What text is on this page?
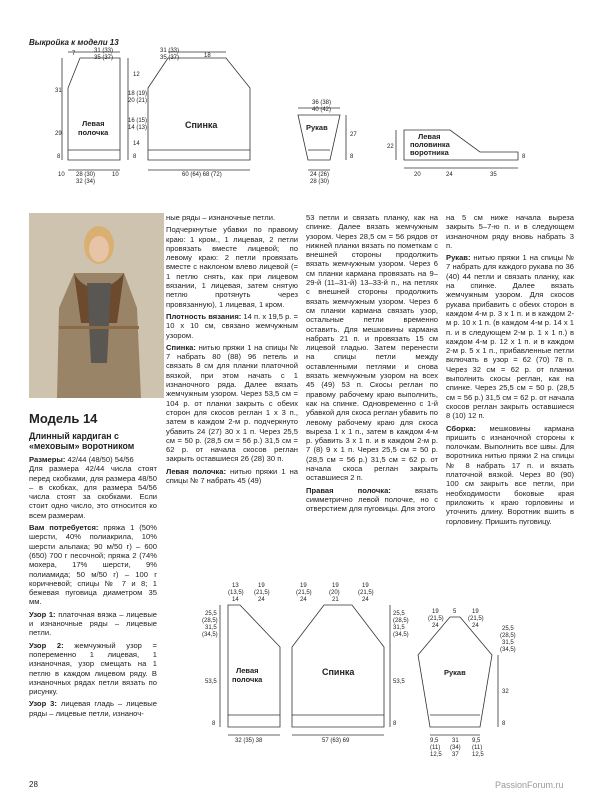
Выкройка к модели 13
7	31 (33)
35 (37)
31
29
8
12
18 (19)
20 (21)
16 (15)
14 (13)
14
8
28 (30)
32 (34)
10	10
31 (33)
35 (37)	18
60 (64) 68 (72)
36 (38)
40 (42)
27
8
24 (26)
28 (30)
22
8
20	24	35
Левая
полочка
Спинка	Рукав
Левая
половинка
воротника
Модель 14
Длинный кардиган с «меховым» воротником

Размеры: 42/44 (48/50) 54/56
Для размера 42/44 числа стоят перед скобками, для размера 48/50 – в скобках, для размера 54/56 числа стоят за скобками. Если стоит одно число, это относится ко всем размерам.

Вам потребуется: пряжа 1 (50% шерсти, 40% полиакрила, 10% шерсти альпака; 90 м/50 г) – 600 (650) 700 г песочной; пряжа 2 (74% мохера, 17% шерсти, 9% полиамида; 50 м/50 г) – 100 г коричневой; спицы № 7 и 8; 1 бежевая пуговица диаметром 35 мм.

Узор 1: платочная вязка – лицевые и изнаночные ряды – лицевые петли.

Узор 2: жемчужный узор = попеременно 1 лицевая, 1 изнаночная, узор смещать на 1 петлю в каждом лицевом ряду. В изнаночных рядах петли вязать по рисунку.

Узор 3: лицевая гладь – лицевые ряды – лицевые петли, изнаноч-

ные ряды – изнаночные петли.

Подчеркнутые убавки по правому краю: 1 кром., 1 лицевая, 2 петли провязать вместе лицевой; по левому краю: 2 петли провязать вместе с наклоном влево лицевой (= 1 петлю снять, как при лицевом вязании, 1 лицевая, затем снятую петлю протянуть через провязанную), 1 лицевая, 1 кром.

Плотность вязания: 14 п. х 19,5 р. = 10 х 10 см, связано жемчужным узором.

Спинка: нитью пряжи 1 на спицы № 7 набрать 80 (88) 96 петель и связать 8 см для планки платочной вязкой, при этом начать с 1 изнаночного ряда. Далее вязать жемчужным узором. Через 53,5 см = 104 р. от планки закрыть с обеих сторон для скосов реглан 1 х 3 п., затем в каждом 2-м р. подчеркнуто убавить 24 (27) 30 х 1 п. Через 25,5 см = 50 р. (28,5 см = 56 р.) 31,5 см = 62 р. от начала скосов реглан закрыть оставшиеся 26 (28) 30 п.

Левая полочка: нитью пряжи 1 на спицы № 7 набрать 45 (49)

53 петли и связать планку, как на спинке. Далее вязать жемчужным узором. Через 28,5 см = 56 рядов от нижней планки вязать по пометкам с внешней стороны продолжить вязать жемчужным узором. Через 6 см планки кармана провязать на 9–29-й (11–31-й) 13–33-й п., на петлях с внешней стороны продолжить вязать жемчужным узором. Через 6 см планки кармана связать узор, остальные петли временно оставить. Для мешковины кармана набрать 21 п. и провязать 15 см лицевой гладью. Затем перенести на спицы петли между оставленными петлями и снова вязать жемчужным узором на всех 45 (49) 53 п. Скосы реглан по правому рабочему краю выполнить, как на спинке. Одновременно с 1-й убавкой для скоса реглан убавить по левому рабочему краю для скоса выреза 1 х 1 п., затем в каждом 4-м р. убавить 3 х 1 п. и в каждом 2-м р. 7 (8) 9 х 1 п. Через 25,5 см = 50 р. (28,5 см = 56 р.) 31,5 см = 62 р. от начала скоса реглан закрыть оставшиеся 2 п.

Правая полочка: вязать симметрично левой полочке, но с отверстием для пуговицы. Для этого

на 5 см ниже начала выреза закрыть 5–7-ю п. и в следующем изнаночном ряду вновь набрать 3 п.

Рукав: нитью пряжи 1 на спицы № 7 набрать для каждого рукава по 36 (40) 44 петли и связать планку, как на спинке. Далее вязать жемчужным узором. Для скосов рукава прибавить с обеих сторон в каждом 4-м р. 3 х 1 п. и в каждом 2-м р. 10 х 1 п. (в каждом 4-м р. 14 х 1 п. и в следующем 2-м р. 1 х 1 п.) в каждом 4-м р. 12 х 1 п. и в каждом 2-м р. 5 х 1 п., прибавленные петли включать в узор = 62 (70) 78 п. Через 32 см = 62 р. от планки выполнить скосы реглан, как на спинке. Через 25,5 см = 50 р. (28,5 см = 56 р.) 31,5 см = 62 р. от начала скосов реглан закрыть оставшиеся 8 (10) 12 п.

Сборка: мешковины кармана пришить с изнаночной стороны к полочкам. Выполнить все швы. Для воротника нитью пряжи 2 на спицы № 8 набрать 17 п. и вязать платочной вязкой. Через 80 (90) 100 см закрыть все петли, при необходимости боковые края приложить к краю горловины и уточнить длину. Воротник вшить в горловину. Пришить пуговицу.

13
(13,5)
14
19
(21,5)
24
25,5
(28,5)
31,5
(34,5)
53,5
8
32 (35) 38
19
(21,5)
24
19
(20)
21
19
(21,5)
24
25,5
(28,5)
31,5
(34,5)
53,5
8
57 (63) 69
19
(21,5)
24
5	19
(21,5)
24	25,5
(28,5)
31,5
(34,5)
32
8
9,5
(11)
12,5
31
(34)
37
9,5
(11)
12,5
Левая
полочка
Спинка	Рукав
28	PassionForum.ru
